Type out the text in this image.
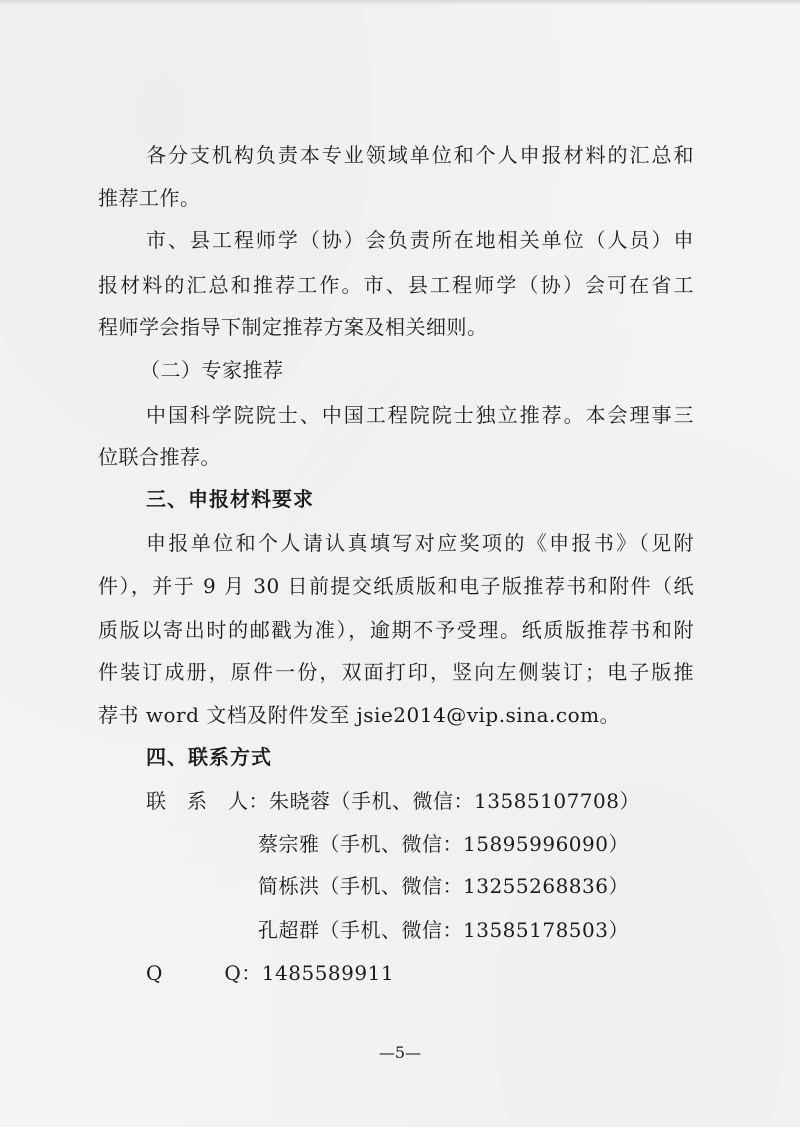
各分支机构负责本专业领域单位和个人申报材料的汇总和
推荐工作。
市、县工程师学（协）会负责所在地相关单位（人员）申
报材料的汇总和推荐工作。市、县工程师学（协）会可在省工
程师学会指导下制定推荐方案及相关细则。
（二）专家推荐
中国科学院院士、中国工程院院士独立推荐。本会理事三
位联合推荐。
三、申报材料要求
申报单位和个人请认真填写对应奖项的《申报书》（见附
件），并于 9 月 30 日前提交纸质版和电子版推荐书和附件（纸
质版以寄出时的邮戳为准），逾期不予受理。纸质版推荐书和附
件装订成册，原件一份，双面打印，竖向左侧装订；电子版推
荐书 word 文档及附件发至 jsie2014@vip.sina.com。
四、联系方式
联　系　人：朱晓蓉（手机、微信：13585107708）
蔡宗雅（手机、微信：15895996090）
简栎洪（手机、微信：13255268836）
孔超群（手机、微信：13585178503）
Q　　　Q：1485589911
—5—
